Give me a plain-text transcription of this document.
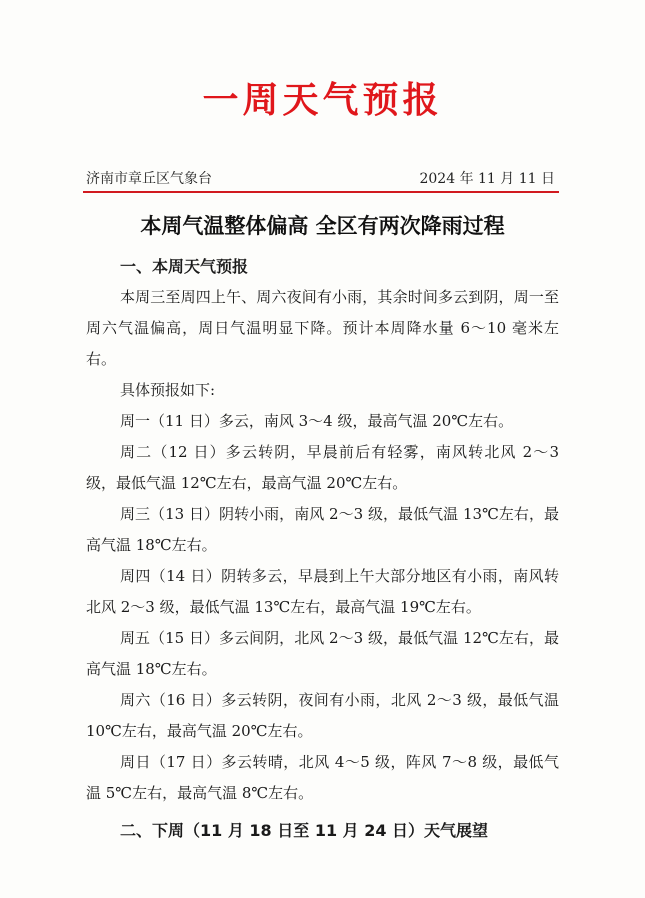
一周天气预报
济南市章丘区气象台	2024 年 11 月 11 日
本周气温整体偏高 全区有两次降雨过程
一、本周天气预报

本周三至周四上午、周六夜间有小雨，其余时间多云到阴，周一至周六气温偏高，周日气温明显下降。预计本周降水量 6～10 毫米左右。

具体预报如下:

周一（11 日）多云，南风 3～4 级，最高气温 20℃左右。

周二（12 日）多云转阴，早晨前后有轻雾，南风转北风 2～3 级，最低气温 12℃左右，最高气温 20℃左右。

周三（13 日）阴转小雨，南风 2～3 级，最低气温 13℃左右，最高气温 18℃左右。

周四（14 日）阴转多云，早晨到上午大部分地区有小雨，南风转北风 2～3 级，最低气温 13℃左右，最高气温 19℃左右。

周五（15 日）多云间阴，北风 2～3 级，最低气温 12℃左右，最高气温 18℃左右。

周六（16 日）多云转阴，夜间有小雨，北风 2～3 级，最低气温 10℃左右，最高气温 20℃左右。

周日（17 日）多云转晴，北风 4～5 级，阵风 7～8 级，最低气温 5℃左右，最高气温 8℃左右。

二、下周（11 月 18 日至 11 月 24 日）天气展望
